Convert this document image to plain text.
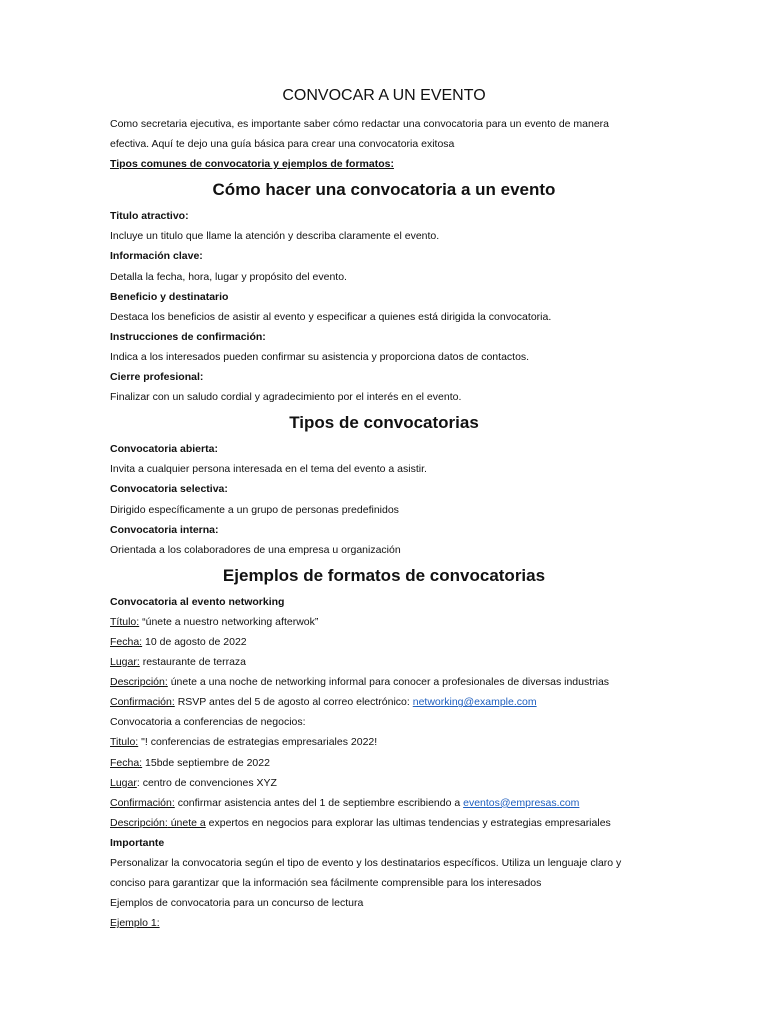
CONVOCAR A UN EVENTO

Como secretaria ejecutiva, es importante saber cómo redactar una convocatoria para un evento de manera

efectiva. Aquí te dejo una guía básica para crear una convocatoria exitosa

Tipos comunes de convocatoria y ejemplos de formatos:

Cómo hacer una convocatoria a un evento

Titulo atractivo:

Incluye un titulo que llame la atención y describa claramente el evento.

Información clave:

Detalla la fecha, hora, lugar y propósito del evento.

Beneficio y destinatario

Destaca los beneficios de asistir al evento y especificar a quienes está dirigida la convocatoria.

Instrucciones de confirmación:

Indica a los interesados pueden confirmar su asistencia y proporciona datos de contactos.

Cierre profesional:

Finalizar con un saludo cordial y agradecimiento por el interés en el evento.

Tipos de convocatorias

Convocatoria abierta:

Invita a cualquier persona interesada en el tema del evento a asistir.

Convocatoria selectiva:

Dirigido específicamente a un grupo de personas predefinidos

Convocatoria interna:

Orientada a los colaboradores de una empresa u organización

Ejemplos de formatos de convocatorias

Convocatoria al evento networking

Título: “únete a nuestro networking afterwok”

Fecha: 10 de agosto de 2022

Lugar: restaurante de terraza

Descripción: únete a una noche de networking informal para conocer a profesionales de diversas industrias

Confirmación: RSVP antes del 5 de agosto al correo electrónico: networking@example.com

Convocatoria a conferencias de negocios:

Titulo: "! conferencias de estrategias empresariales 2022!

Fecha: 15bde septiembre de 2022

Lugar: centro de convenciones XYZ

Confirmación: confirmar asistencia antes del 1 de septiembre escribiendo a eventos@empresas.com

Descripción: únete a expertos en negocios para explorar las ultimas tendencias y estrategias empresariales

Importante

Personalizar la convocatoria según el tipo de evento y los destinatarios específicos. Utiliza un lenguaje claro y

conciso para garantizar que la información sea fácilmente comprensible para los interesados

Ejemplos de convocatoria para un concurso de lectura

Ejemplo 1:
